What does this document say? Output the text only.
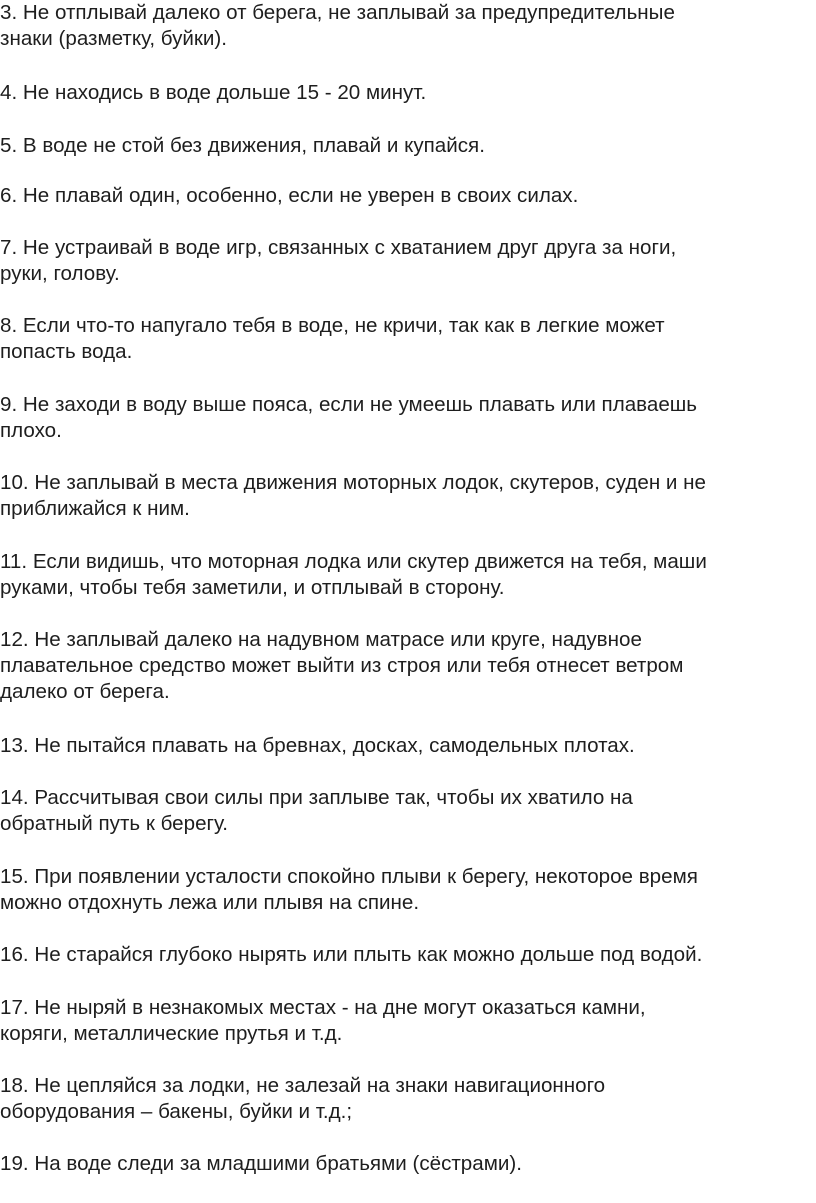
3. Не отплывай далеко от берега, не заплывай за предупредительные
знаки (разметку, буйки).

4. Не находись в воде дольше 15 - 20 минут.

5. В воде не стой без движения, плавай и купайся.

6. Не плавай один, особенно, если не уверен в своих силах.

7. Не устраивай в воде игр, связанных с хватанием друг друга за ноги,
руки, голову.

8. Если что-то напугало тебя в воде, не кричи, так как в легкие может
попасть вода.

9. Не заходи в воду выше пояса, если не умеешь плавать или плаваешь
плохо.

10. Не заплывай в места движения моторных лодок, скутеров, суден и не
приближайся к ним.

11. Если видишь, что моторная лодка или скутер движется на тебя, маши
руками, чтобы тебя заметили, и отплывай в сторону.

12. Не заплывай далеко на надувном матрасе или круге, надувное
плавательное средство может выйти из строя или тебя отнесет ветром
далеко от берега.

13. Не пытайся плавать на бревнах, досках, самодельных плотах.

14. Рассчитывая свои силы при заплыве так, чтобы их хватило на
обратный путь к берегу.

15. При появлении усталости спокойно плыви к берегу, некоторое время
можно отдохнуть лежа или плывя на спине.

16. Не старайся глубоко нырять или плыть как можно дольше под водой.

17. Не ныряй в незнакомых местах - на дне могут оказаться камни,
коряги, металлические прутья и т.д.

18. Не цепляйся за лодки, не залезай на знаки навигационного
оборудования – бакены, буйки и т.д.;

19. На воде следи за младшими братьями (сёстрами).
